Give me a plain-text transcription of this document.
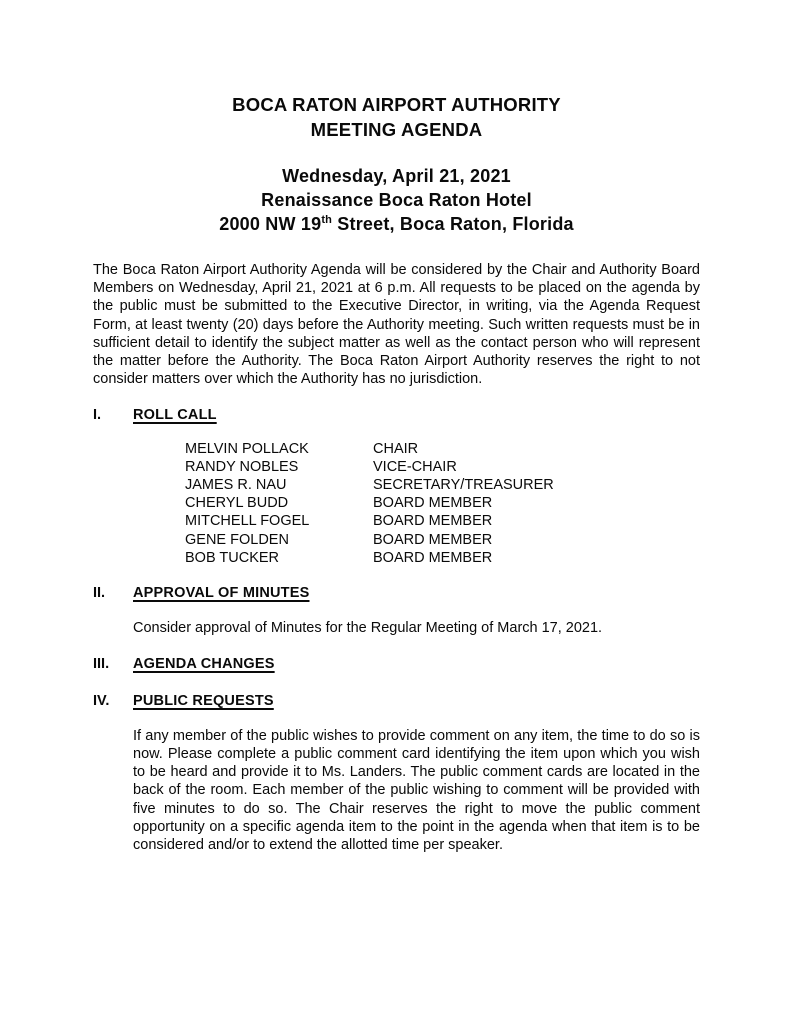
BOCA RATON AIRPORT AUTHORITY
MEETING AGENDA
Wednesday, April 21, 2021
Renaissance Boca Raton Hotel
2000 NW 19th Street, Boca Raton, Florida

The Boca Raton Airport Authority Agenda will be considered by the Chair and Authority Board Members on Wednesday, April 21, 2021 at 6 p.m. All requests to be placed on the agenda by the public must be submitted to the Executive Director, in writing, via the Agenda Request Form, at least twenty (20) days before the Authority meeting. Such written requests must be in sufficient detail to identify the subject matter as well as the contact person who will represent the matter before the Authority. The Boca Raton Airport Authority reserves the right to not consider matters over which the Authority has no jurisdiction.

I.	ROLL CALL
MELVIN POLLACK	CHAIR
RANDY NOBLES	VICE-CHAIR
JAMES R. NAU	SECRETARY/TREASURER
CHERYL BUDD	BOARD MEMBER
MITCHELL FOGEL	BOARD MEMBER
GENE FOLDEN	BOARD MEMBER
BOB TUCKER	BOARD MEMBER
II.	APPROVAL OF MINUTES

Consider approval of Minutes for the Regular Meeting of March 17, 2021.

III.	AGENDA CHANGES
IV.	PUBLIC REQUESTS

If any member of the public wishes to provide comment on any item, the time to do so is now. Please complete a public comment card identifying the item upon which you wish to be heard and provide it to Ms. Landers. The public comment cards are located in the back of the room. Each member of the public wishing to comment will be provided with five minutes to do so. The Chair reserves the right to move the public comment opportunity on a specific agenda item to the point in the agenda when that item is to be considered and/or to extend the allotted time per speaker.
